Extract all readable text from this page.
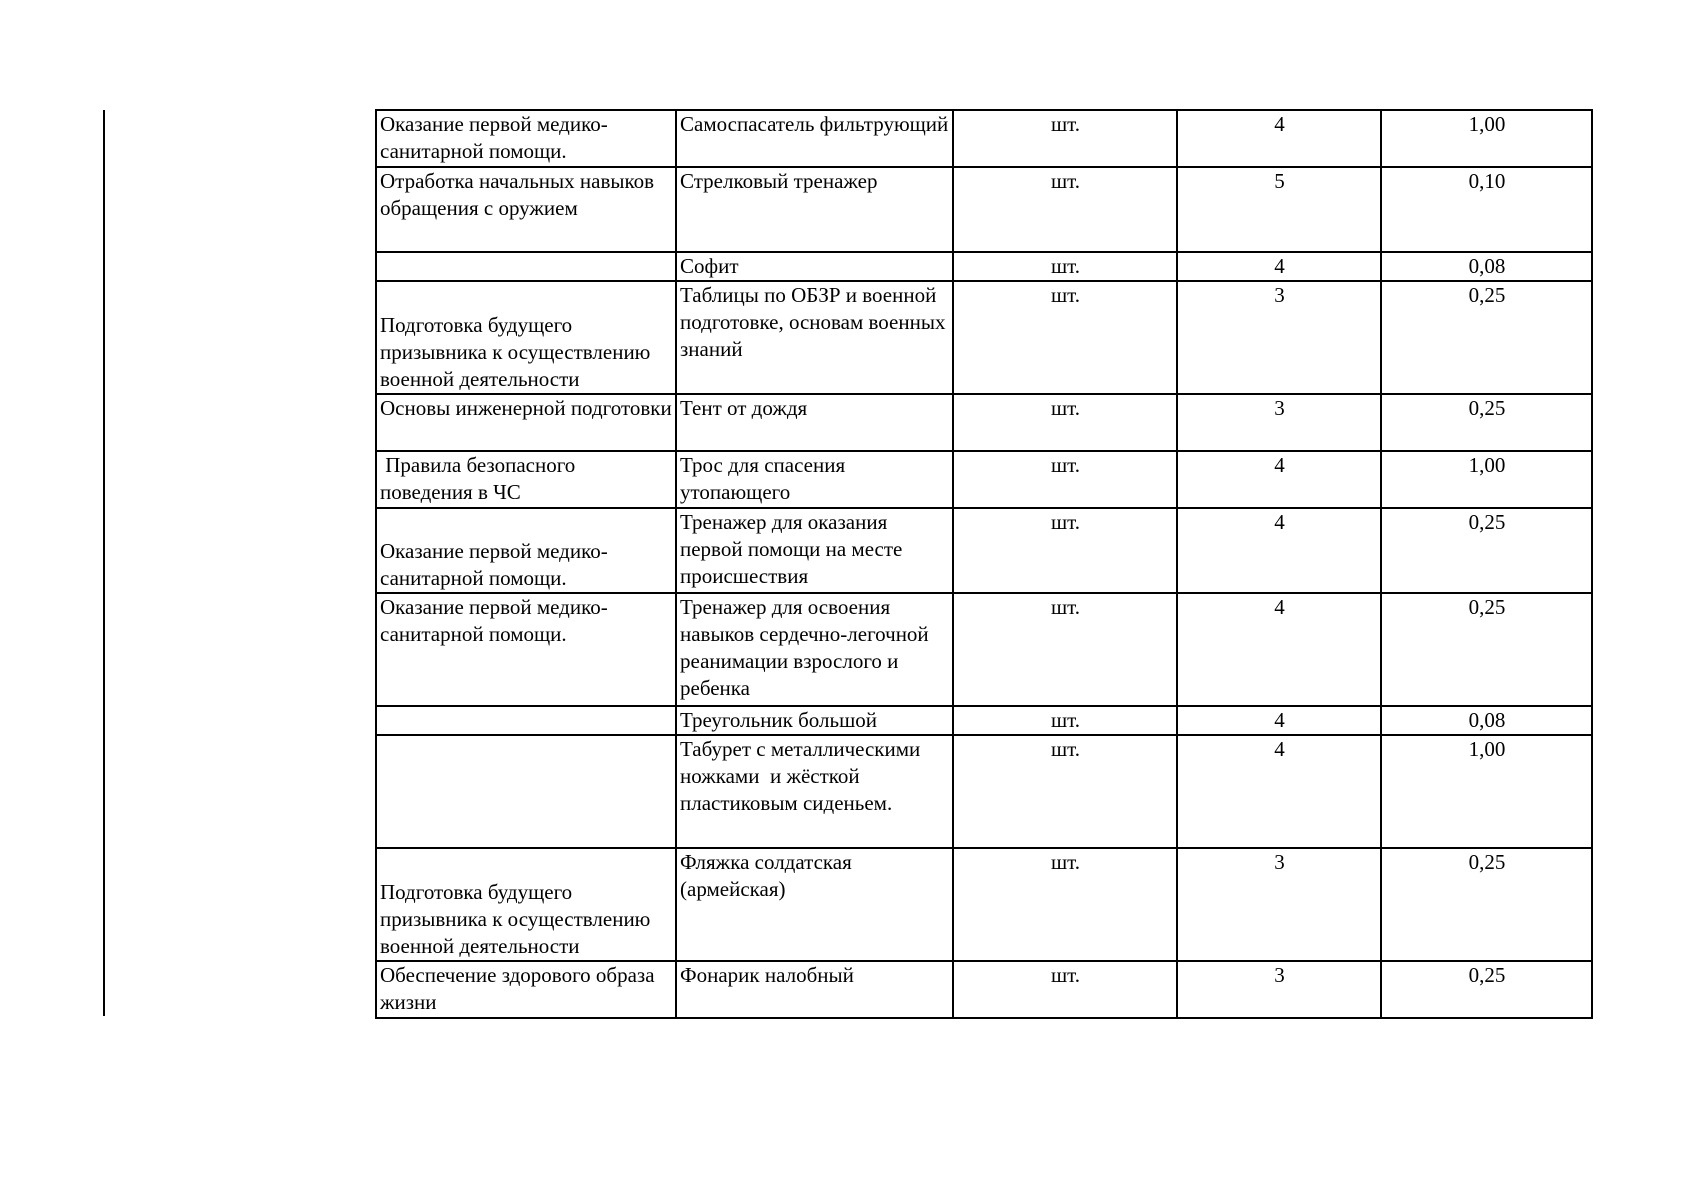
Оказание первой медико-санитарной помощи.	Самоспасатель фильтрующий	шт.	4	1,00
Отработка начальных навыков обращения с оружием	Стрелковый тренажер	шт.	5	0,10
	Софит	шт.	4	0,08
Подготовка будущего призывника к осуществлению военной деятельности	Таблицы по ОБЗР и военной подготовке, основам военных знаний	шт.	3	0,25
Основы инженерной подготовки	Тент от дождя	шт.	3	0,25
Правила безопасного поведения в ЧС	Трос для спасения утопающего	шт.	4	1,00
Оказание первой медико-санитарной помощи.	Тренажер для оказания первой помощи на месте происшествия	шт.	4	0,25
Оказание первой медико-санитарной помощи.	Тренажер для освоения навыков сердечно-легочной реанимации взрослого и ребенка	шт.	4	0,25
	Треугольник большой	шт.	4	0,08
	Табурет с металлическими ножками  и жёсткой пластиковым сиденьем.	шт.	4	1,00
Подготовка будущего призывника к осуществлению военной деятельности	Фляжка солдатская (армейская)	шт.	3	0,25
Обеспечение здорового образа жизни	Фонарик налобный	шт.	3	0,25
